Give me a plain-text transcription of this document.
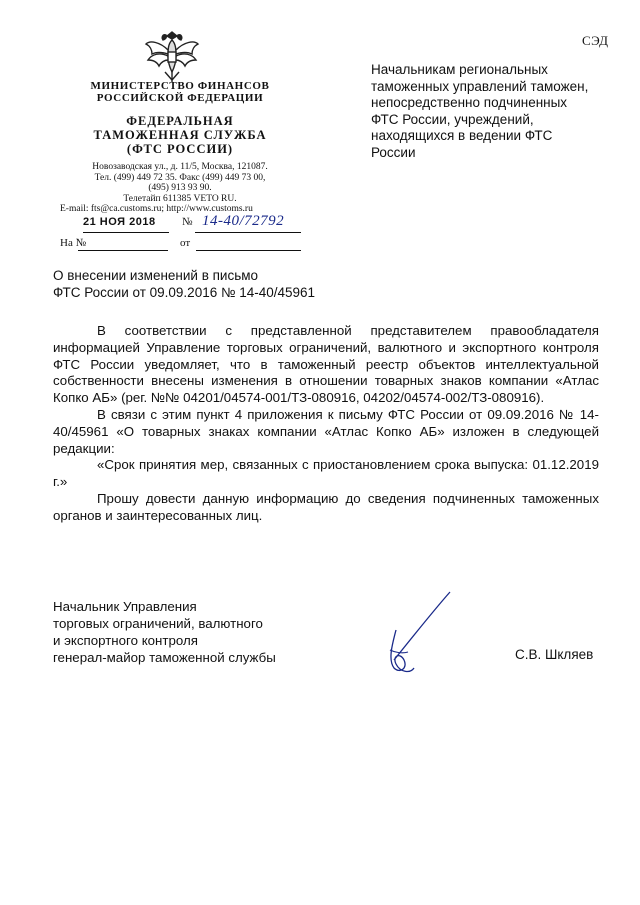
СЭД
МИНИСТЕРСТВО ФИНАНСОВ
РОССИЙСКОЙ ФЕДЕРАЦИИ
ФЕДЕРАЛЬНАЯ
ТАМОЖЕННАЯ СЛУЖБА
(ФТС РОССИИ)
Новозаводская ул., д. 11/5, Москва, 121087.
Тел. (499) 449 72 35. Факс (499) 449 73 00,
(495) 913 93 90.
Телетайп 611385 VETO RU.
E-mail: fts@ca.customs.ru; http://www.customs.ru
21 НОЯ 2018 № 14-40/72792
На №	от
Начальникам региональных таможенных управлений таможен, непосредственно подчиненных ФТС России, учреждений, находящихся в ведении ФТС России
О внесении изменений в письмо
ФТС России от 09.09.2016 № 14-40/45961

В соответствии с представленной представителем правообладателя информацией Управление торговых ограничений, валютного и экспортного контроля ФТС России уведомляет, что в таможенный реестр объектов интеллектуальной собственности внесены изменения в отношении товарных знаков компании «Атлас Копко АБ» (рег. №№ 04201/04574-001/ТЗ-080916, 04202/04574-002/ТЗ-080916).

В связи с этим пункт 4 приложения к письму ФТС России от 09.09.2016 № 14-40/45961 «О товарных знаках компании «Атлас Копко АБ» изложен в следующей редакции:

«Срок принятия мер, связанных с приостановлением срока выпуска: 01.12.2019 г.»

Прошу довести данную информацию до сведения подчиненных таможенных органов и заинтересованных лиц.

Начальник Управления
торговых ограничений, валютного
и экспортного контроля
генерал-майор таможенной службы	С.В. Шкляев
